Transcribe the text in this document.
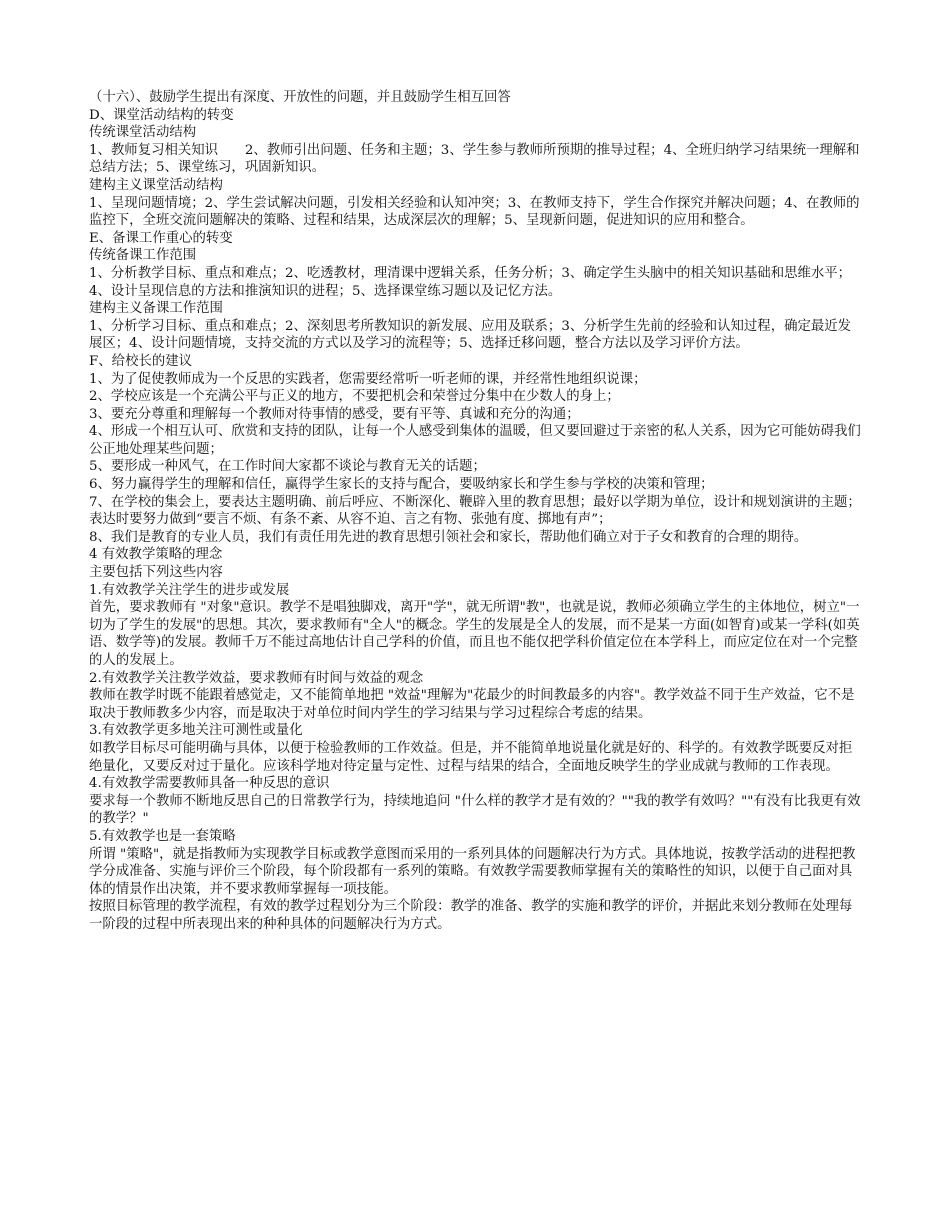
（十六）、鼓励学生提出有深度、开放性的问题，并且鼓励学生相互回答

D、课堂活动结构的转变

传统课堂活动结构

1、教师复习相关知识　　2、教师引出问题、任务和主题；3、学生参与教师所预期的推导过程；4、全班归纳学习结果统一理解和总结方法；5、课堂练习，巩固新知识。

建构主义课堂活动结构

1、呈现问题情境；2、学生尝试解决问题，引发相关经验和认知冲突；3、在教师支持下，学生合作探究并解决问题；4、在教师的监控下，全班交流问题解决的策略、过程和结果，达成深层次的理解；5、呈现新问题，促进知识的应用和整合。

E、备课工作重心的转变

传统备课工作范围

1、分析教学目标、重点和难点；2、吃透教材，理清课中逻辑关系，任务分析；3、确定学生头脑中的相关知识基础和思维水平；4、设计呈现信息的方法和推演知识的进程；5、选择课堂练习题以及记忆方法。

建构主义备课工作范围

1、分析学习目标、重点和难点；2、深刻思考所教知识的新发展、应用及联系；3、分析学生先前的经验和认知过程，确定最近发展区；4、设计问题情境，支持交流的方式以及学习的流程等；5、选择迁移问题，整合方法以及学习评价方法。

F、给校长的建议

1、为了促使教师成为一个反思的实践者，您需要经常听一听老师的课，并经常性地组织说课；

2、学校应该是一个充满公平与正义的地方，不要把机会和荣誉过分集中在少数人的身上；

3、要充分尊重和理解每一个教师对待事情的感受，要有平等、真诚和充分的沟通；

4、形成一个相互认可、欣赏和支持的团队，让每一个人感受到集体的温暖，但又要回避过于亲密的私人关系，因为它可能妨碍我们公正地处理某些问题；

5、要形成一种风气，在工作时间大家都不谈论与教育无关的话题；

6、努力赢得学生的理解和信任，赢得学生家长的支持与配合，要吸纳家长和学生参与学校的决策和管理；

7、在学校的集会上，要表达主题明确、前后呼应、不断深化、鞭辟入里的教育思想；最好以学期为单位，设计和规划演讲的主题；表达时要努力做到“要言不烦、有条不紊、从容不迫、言之有物、张弛有度、掷地有声”；

8、我们是教育的专业人员，我们有责任用先进的教育思想引领社会和家长，帮助他们确立对于子女和教育的合理的期待。

4 有效教学策略的理念

主要包括下列这些内容

1.有效教学关注学生的进步或发展

首先，要求教师有 "对象"意识。教学不是唱独脚戏，离开"学"，就无所谓"教"，也就是说，教师必须确立学生的主体地位，树立"一切为了学生的发展"的思想。其次，要求教师有"全人"的概念。学生的发展是全人的发展，而不是某一方面(如智育)或某一学科(如英语、数学等)的发展。教师千万不能过高地估计自己学科的价值，而且也不能仅把学科价值定位在本学科上，而应定位在对一个完整的人的发展上。

2.有效教学关注教学效益，要求教师有时间与效益的观念

教师在教学时既不能跟着感觉走，又不能简单地把 "效益"理解为"花最少的时间教最多的内容"。教学效益不同于生产效益，它不是取决于教师教多少内容，而是取决于对单位时间内学生的学习结果与学习过程综合考虑的结果。

3.有效教学更多地关注可测性或量化

如教学目标尽可能明确与具体，以便于检验教师的工作效益。但是，并不能简单地说量化就是好的、科学的。有效教学既要反对拒绝量化，又要反对过于量化。应该科学地对待定量与定性、过程与结果的结合，全面地反映学生的学业成就与教师的工作表现。

4.有效教学需要教师具备一种反思的意识

要求每一个教师不断地反思自己的日常教学行为，持续地追问 "什么样的教学才是有效的？""我的教学有效吗？""有没有比我更有效的教学？"

5.有效教学也是一套策略

所谓 "策略"，就是指教师为实现教学目标或教学意图而采用的一系列具体的问题解决行为方式。具体地说，按教学活动的进程把教学分成准备、实施与评价三个阶段，每个阶段都有一系列的策略。有效教学需要教师掌握有关的策略性的知识，以便于自己面对具体的情景作出决策，并不要求教师掌握每一项技能。

按照目标管理的教学流程，有效的教学过程划分为三个阶段：教学的准备、教学的实施和教学的评价，并据此来划分教师在处理每一阶段的过程中所表现出来的种种具体的问题解决行为方式。
